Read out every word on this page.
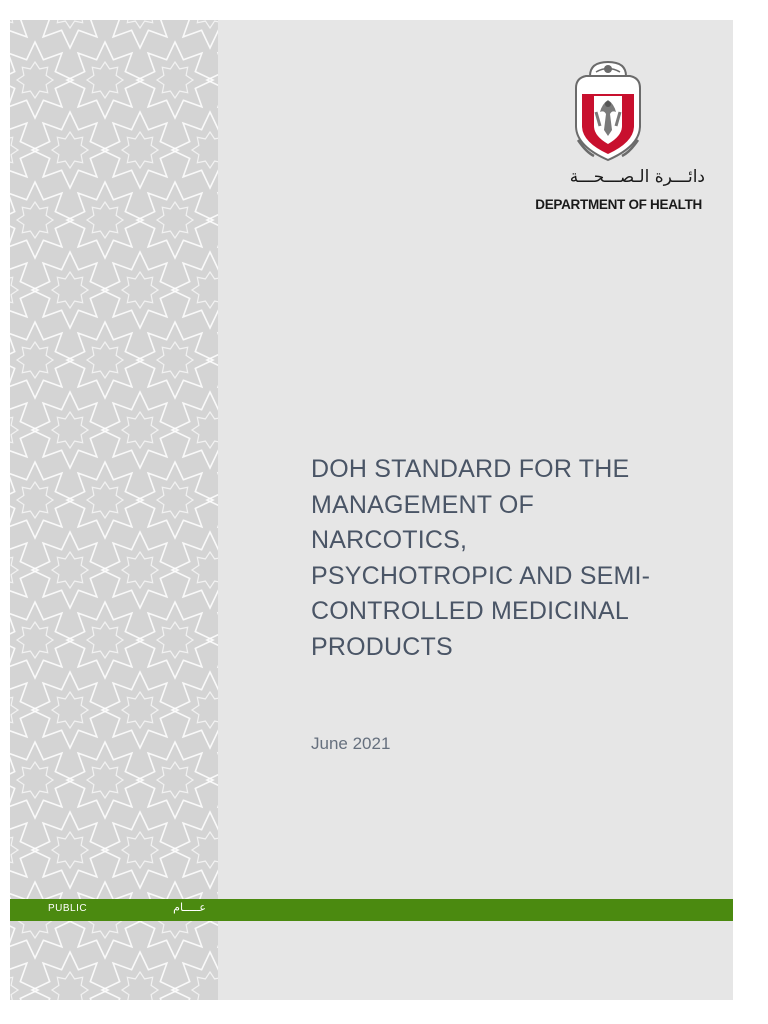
دائـــرة الـصـــحـــة
DEPARTMENT OF HEALTH
DOH STANDARD FOR THE
MANAGEMENT OF
NARCOTICS,
PSYCHOTROPIC AND SEMI-
CONTROLLED MEDICINAL
PRODUCTS
June 2021
PUBLIC	عـــــام
